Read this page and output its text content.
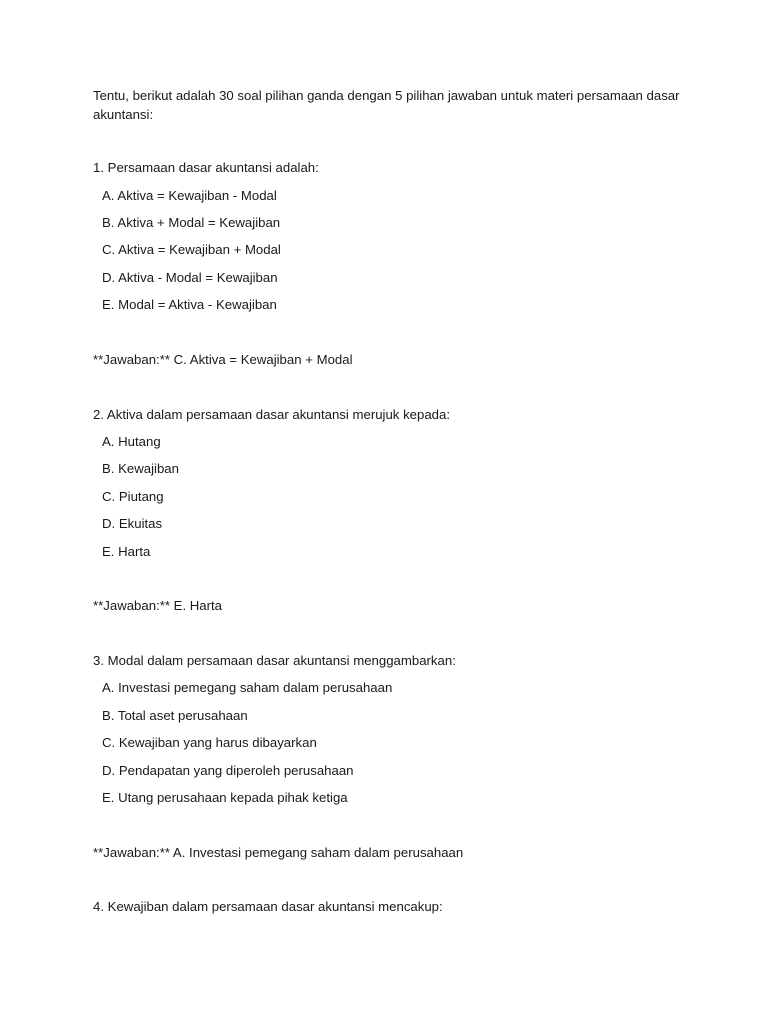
Tentu, berikut adalah 30 soal pilihan ganda dengan 5 pilihan jawaban untuk materi persamaan dasar akuntansi:

1. Persamaan dasar akuntansi adalah:
A. Aktiva = Kewajiban - Modal
B. Aktiva + Modal = Kewajiban
C. Aktiva = Kewajiban + Modal
D. Aktiva - Modal = Kewajiban
E. Modal = Aktiva - Kewajiban
**Jawaban:** C. Aktiva = Kewajiban + Modal
2. Aktiva dalam persamaan dasar akuntansi merujuk kepada:
A. Hutang
B. Kewajiban
C. Piutang
D. Ekuitas
E. Harta
**Jawaban:** E. Harta
3. Modal dalam persamaan dasar akuntansi menggambarkan:
A. Investasi pemegang saham dalam perusahaan
B. Total aset perusahaan
C. Kewajiban yang harus dibayarkan
D. Pendapatan yang diperoleh perusahaan
E. Utang perusahaan kepada pihak ketiga
**Jawaban:** A. Investasi pemegang saham dalam perusahaan
4. Kewajiban dalam persamaan dasar akuntansi mencakup:
